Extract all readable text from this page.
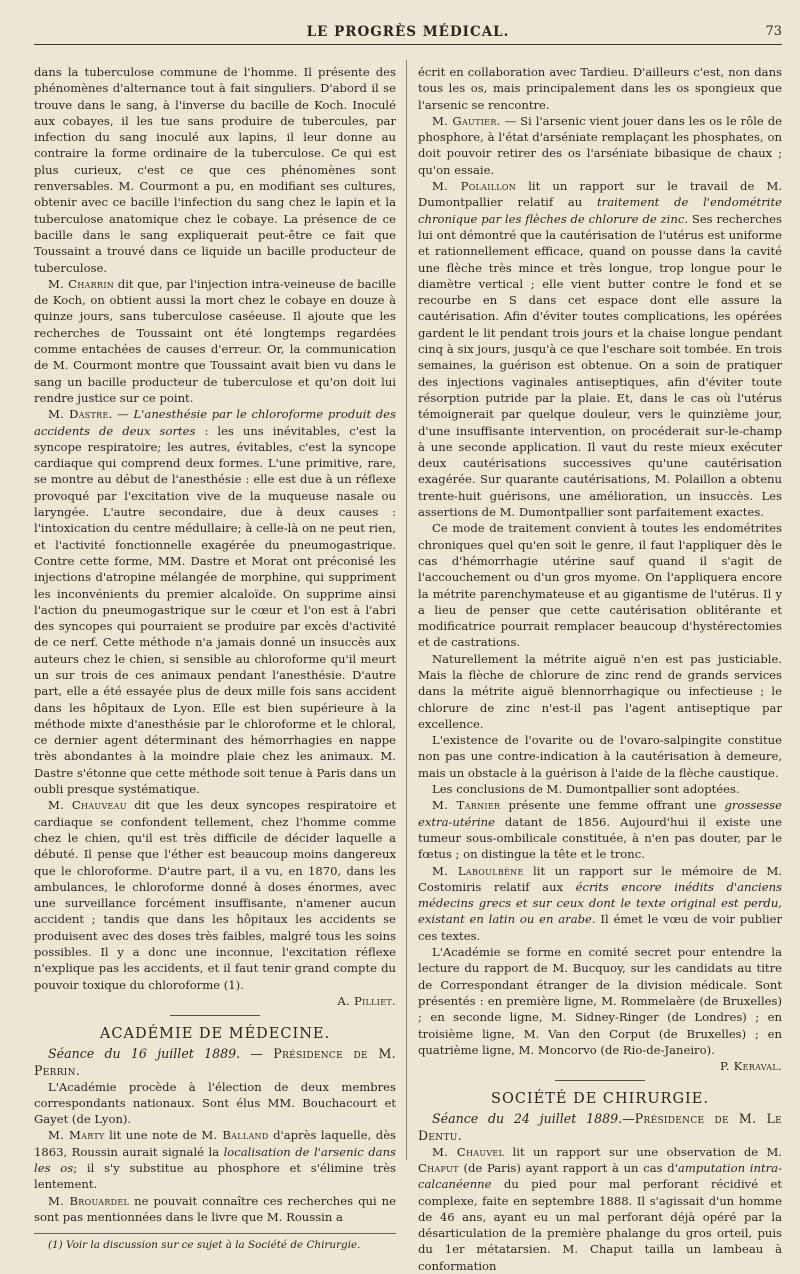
LE PROGRÈS MÉDICAL.	73

dans la tuberculose commune de l'homme. Il présente des phénomènes d'alternance tout à fait singuliers. D'abord il se trouve dans le sang, à l'inverse du bacille de Koch. Inoculé aux cobayes, il les tue sans produire de tubercules, par infection du sang inoculé aux lapins, il leur donne au contraire la forme ordinaire de la tuberculose. Ce qui est plus curieux, c'est ce que ces phénomènes sont renversables. M. Courmont a pu, en modifiant ses cultures, obtenir avec ce bacille l'infection du sang chez le lapin et la tuberculose anatomique chez le cobaye. La présence de ce bacille dans le sang expliquerait peut-être ce fait que Toussaint a trouvé dans ce liquide un bacille producteur de tuberculose.

M. Charrin dit que, par l'injection intra-veineuse de bacille de Koch, on obtient aussi la mort chez le cobaye en douze à quinze jours, sans tuberculose caséeuse. Il ajoute que les recherches de Toussaint ont été longtemps regardées comme entachées de causes d'erreur. Or, la communication de M. Courmont montre que Toussaint avait bien vu dans le sang un bacille producteur de tuberculose et qu'on doit lui rendre justice sur ce point.

M. Dastre. — L'anesthésie par le chloroforme produit des accidents de deux sortes : les uns inévitables, c'est la syncope respiratoire; les autres, évitables, c'est la syncope cardiaque qui comprend deux formes. L'une primitive, rare, se montre au début de l'anesthésie : elle est due à un réflexe provoqué par l'excitation vive de la muqueuse nasale ou laryngée. L'autre secondaire, due à deux causes : l'intoxication du centre médullaire; à celle-là on ne peut rien, et l'activité fonctionnelle exagérée du pneumogastrique. Contre cette forme, MM. Dastre et Morat ont préconisé les injections d'atropine mélangée de morphine, qui suppriment les inconvénients du premier alcaloïde. On supprime ainsi l'action du pneumogastrique sur le cœur et l'on est à l'abri des syncopes qui pourraient se produire par excès d'activité de ce nerf. Cette méthode n'a jamais donné un insuccès aux auteurs chez le chien, si sensible au chloroforme qu'il meurt un sur trois de ces animaux pendant l'anesthésie. D'autre part, elle a été essayée plus de deux mille fois sans accident dans les hôpitaux de Lyon. Elle est bien supérieure à la méthode mixte d'anesthésie par le chloroforme et le chloral, ce dernier agent déterminant des hémorrhagies en nappe très abondantes à la moindre plaie chez les animaux. M. Dastre s'étonne que cette méthode soit tenue à Paris dans un oubli presque systématique.

M. Chauveau dit que les deux syncopes respiratoire et cardiaque se confondent tellement, chez l'homme comme chez le chien, qu'il est très difficile de décider laquelle a débuté. Il pense que l'éther est beaucoup moins dangereux que le chloroforme. D'autre part, il a vu, en 1870, dans les ambulances, le chloroforme donné à doses énormes, avec une surveillance forcément insuffisante, n'amener aucun accident ; tandis que dans les hôpitaux les accidents se produisent avec des doses très faibles, malgré tous les soins possibles. Il y a donc une inconnue, l'excitation réflexe n'explique pas les accidents, et il faut tenir grand compte du pouvoir toxique du chloroforme (1).

A. Pilliet.

ACADÉMIE DE MÉDECINE.

Séance du 16 juillet 1889. — Présidence de M. Perrin.

L'Académie procède à l'élection de deux membres correspondants nationaux. Sont élus MM. Bouchacourt et Gayet (de Lyon).

M. Marty lit une note de M. Balland d'après laquelle, dès 1863, Roussin aurait signalé la localisation de l'arsenic dans les os; il s'y substitue au phosphore et s'élimine très lentement.

M. Brouardel ne pouvait connaître ces recherches qui ne sont pas mentionnées dans le livre que M. Roussin a

(1) Voir la discussion sur ce sujet à la Société de Chirurgie.

écrit en collaboration avec Tardieu. D'ailleurs c'est, non dans tous les os, mais principalement dans les os spongieux que l'arsenic se rencontre.

M. Gautier. — Si l'arsenic vient jouer dans les os le rôle de phosphore, à l'état d'arséniate remplaçant les phosphates, on doit pouvoir retirer des os l'arséniate bibasique de chaux ; qu'on essaie.

M. Polaillon lit un rapport sur le travail de M. Dumontpallier relatif au traitement de l'endométrite chronique par les flèches de chlorure de zinc. Ses recherches lui ont démontré que la cautérisation de l'utérus est uniforme et rationnellement efficace, quand on pousse dans la cavité une flèche très mince et très longue, trop longue pour le diamètre vertical ; elle vient butter contre le fond et se recourbe en S dans cet espace dont elle assure la cautérisation. Afin d'éviter toutes complications, les opérées gardent le lit pendant trois jours et la chaise longue pendant cinq à six jours, jusqu'à ce que l'eschare soit tombée. En trois semaines, la guérison est obtenue. On a soin de pratiquer des injections vaginales antiseptiques, afin d'éviter toute résorption putride par la plaie. Et, dans le cas où l'utérus témoignerait par quelque douleur, vers le quinzième jour, d'une insuffisante intervention, on procéderait sur-le-champ à une seconde application. Il vaut du reste mieux exécuter deux cautérisations successives qu'une cautérisation exagérée. Sur quarante cautérisations, M. Polaillon a obtenu trente-huit guérisons, une amélioration, un insuccès. Les assertions de M. Dumontpallier sont parfaitement exactes.

Ce mode de traitement convient à toutes les endométrites chroniques quel qu'en soit le genre, il faut l'appliquer dès le cas d'hémorrhagie utérine sauf quand il s'agit de l'accouchement ou d'un gros myome. On l'appliquera encore la métrite parenchymateuse et au gigantisme de l'utérus. Il y a lieu de penser que cette cautérisation oblitérante et modificatrice pourrait remplacer beaucoup d'hystérectomies et de castrations.

Naturellement la métrite aiguë n'en est pas justiciable. Mais la flèche de chlorure de zinc rend de grands services dans la métrite aiguë blennorrhagique ou infectieuse ; le chlorure de zinc n'est-il pas l'agent antiseptique par excellence.

L'existence de l'ovarite ou de l'ovaro-salpingite constitue non pas une contre-indication à la cautérisation à demeure, mais un obstacle à la guérison à l'aide de la flèche caustique.

Les conclusions de M. Dumontpallier sont adoptées.

M. Tarnier présente une femme offrant une grossesse extra-utérine datant de 1856. Aujourd'hui il existe une tumeur sous-ombilicale constituée, à n'en pas douter, par le fœtus ; on distingue la tête et le tronc.

M. Laboulbène lit un rapport sur le mémoire de M. Costomiris relatif aux écrits encore inédits d'anciens médecins grecs et sur ceux dont le texte original est perdu, existant en latin ou en arabe. Il émet le vœu de voir publier ces textes.

L'Académie se forme en comité secret pour entendre la lecture du rapport de M. Bucquoy, sur les candidats au titre de Correspondant étranger de la division médicale. Sont présentés : en première ligne, M. Rommelaère (de Bruxelles) ; en seconde ligne, M. Sidney-Ringer (de Londres) ; en troisième ligne, M. Van den Corput (de Bruxelles) ; en quatrième ligne, M. Moncorvo (de Rio-de-Janeiro).

P. Keraval.

SOCIÉTÉ DE CHIRURGIE.

Séance du 24 juillet 1889.—Présidence de M. Le Dentu.

M. Chauvel lit un rapport sur une observation de M. Chaput (de Paris) ayant rapport à un cas d'amputation intra-calcanéenne du pied pour mal perforant récidivé et complexe, faite en septembre 1888. Il s'agissait d'un homme de 46 ans, ayant eu un mal perforant déjà opéré par la désarticulation de la première phalange du gros orteil, puis du 1er métatarsien. M. Chaput tailla un lambeau à conformation
